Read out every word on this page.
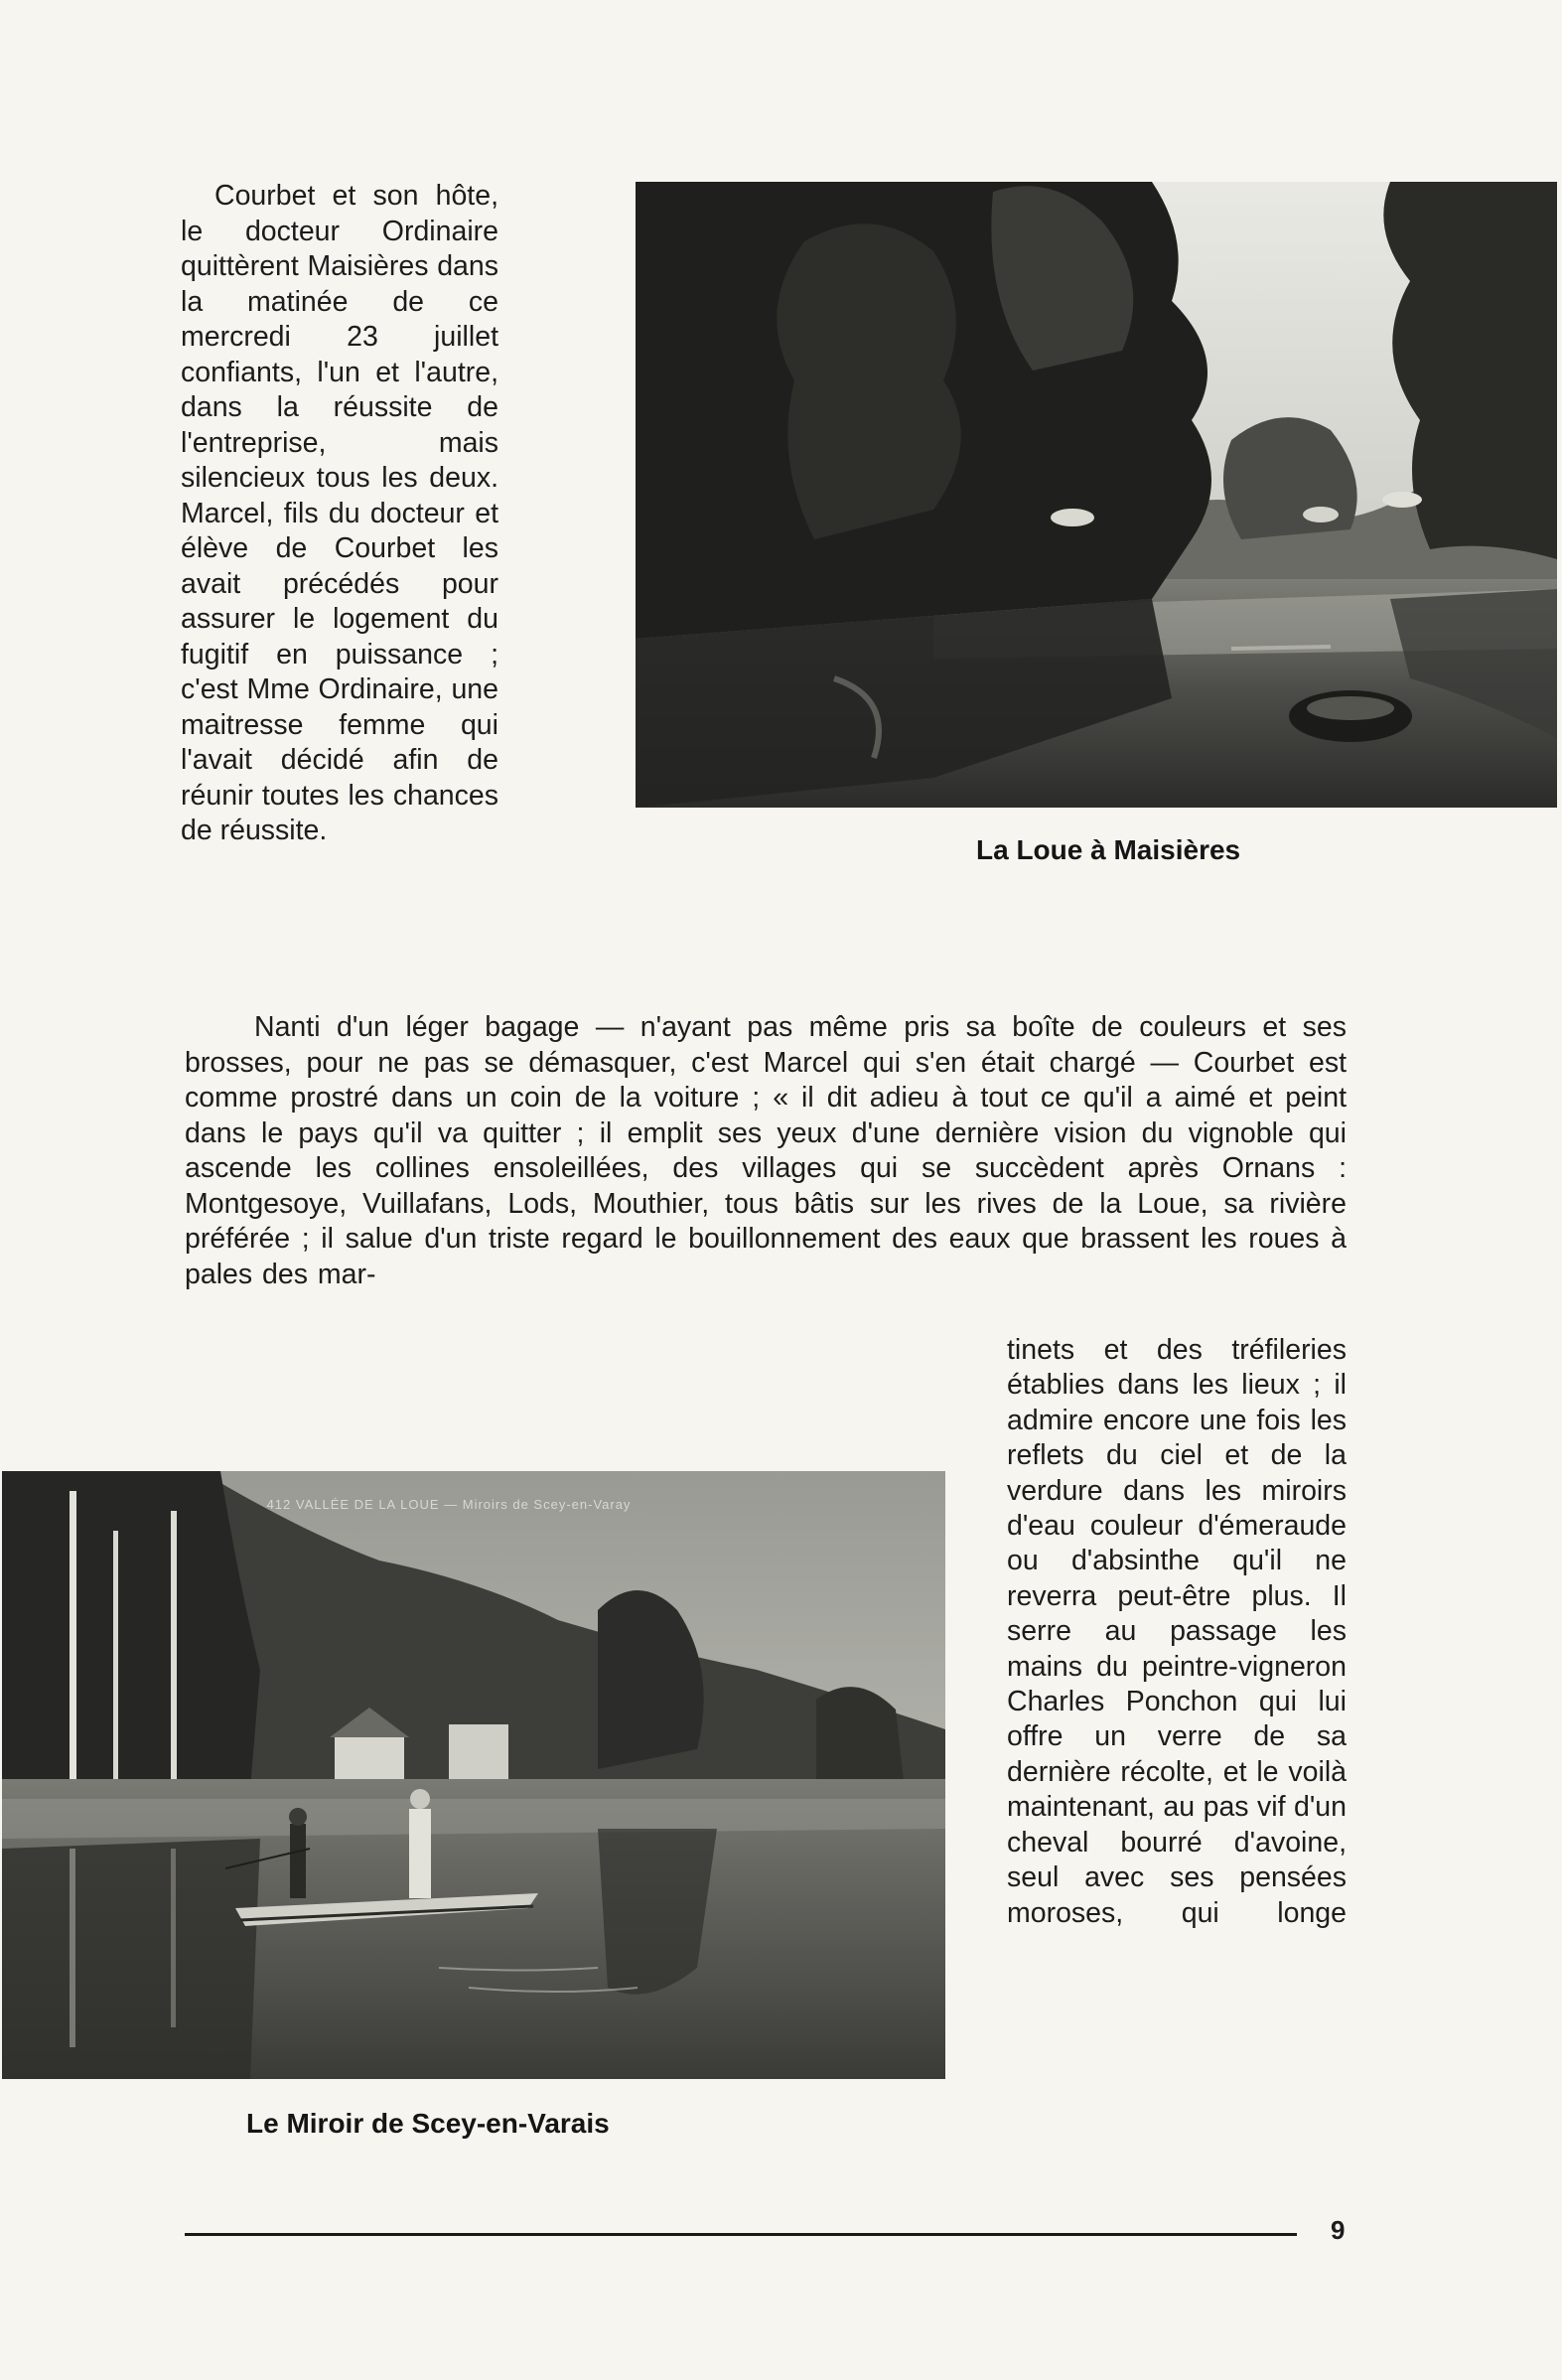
Courbet et son hôte, le docteur Ordinaire quittèrent Maisières dans la matinée de ce mercredi 23 juillet confiants, l'un et l'autre, dans la réussite de l'entreprise, mais silencieux tous les deux. Marcel, fils du docteur et élève de Courbet les avait précédés pour assurer le logement du fugitif en puissance ; c'est Mme Ordinaire, une maitresse femme qui l'avait décidé afin de réunir toutes les chances de réussite.

La Loue à Maisières

Nanti d'un léger bagage — n'ayant pas même pris sa boîte de couleurs et ses brosses, pour ne pas se démasquer, c'est Marcel qui s'en était chargé — Courbet est comme prostré dans un coin de la voiture ; « il dit adieu à tout ce qu'il a aimé et peint dans le pays qu'il va quitter ; il emplit ses yeux d'une dernière vision du vignoble qui ascende les collines ensoleillées, des villages qui se succèdent après Ornans : Montgesoye, Vuillafans, Lods, Mouthier, tous bâtis sur les rives de la Loue, sa rivière préférée ; il salue d'un triste regard le bouillonnement des eaux que brassent les roues à pales des mar-

412 VALLÉE DE LA LOUE — Miroirs de Scey-en-Varay

Le Miroir de Scey-en-Varais

tinets et des tréfileries établies dans les lieux ; il admire encore une fois les reflets du ciel et de la verdure dans les miroirs d'eau couleur d'émeraude ou d'absinthe qu'il ne reverra peut-être plus. Il serre au passage les mains du peintre-vigneron Charles Ponchon qui lui offre un verre de sa dernière récolte, et le voilà maintenant, au pas vif d'un cheval bourré d'avoine, seul avec ses pensées moroses, qui longe

9
